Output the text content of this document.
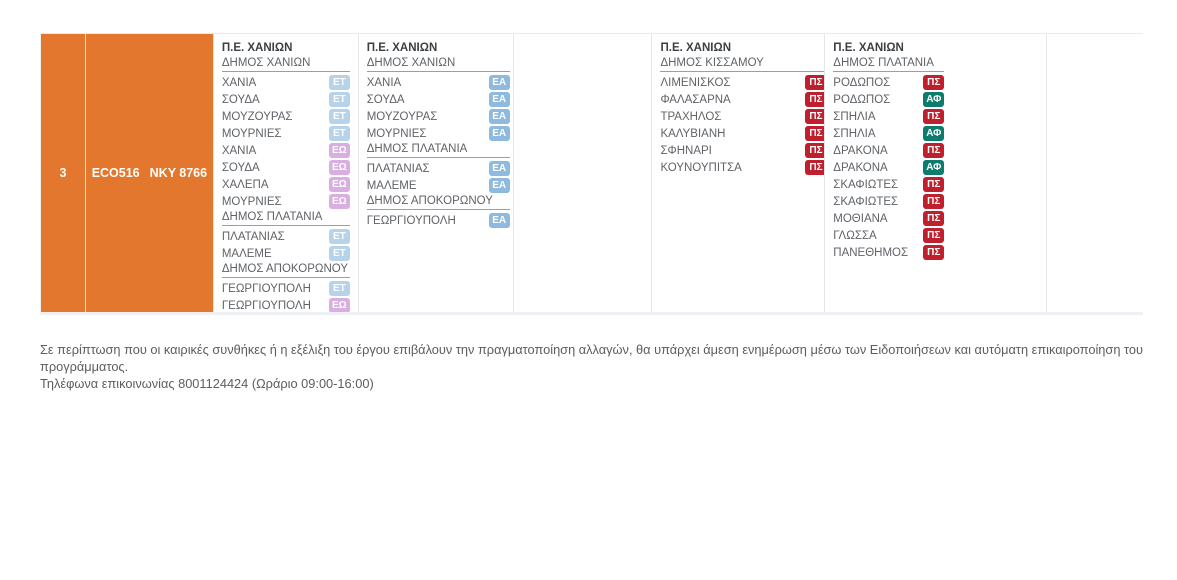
3 ECO516 NKY 8766
Π.Ε. ΧΑΝΙΩΝ
ΔΗΜΟΣ ΧΑΝΙΩΝ
ΧΑΝΙΑ	ΕΤ
ΣΟΥΔΑ	ΕΤ
ΜΟΥΖΟΥΡΑΣ	ΕΤ
ΜΟΥΡΝΙΕΣ	ΕΤ
ΧΑΝΙΑ	ΕΩ
ΣΟΥΔΑ	ΕΩ
ΧΑΛΕΠΑ	ΕΩ
ΜΟΥΡΝΙΕΣ	ΕΩ
ΔΗΜΟΣ ΠΛΑΤΑΝΙΑ
ΠΛΑΤΑΝΙΑΣ	ΕΤ
ΜΑΛΕΜΕ	ΕΤ
ΔΗΜΟΣ ΑΠΟΚΟΡΩΝΟΥ
ΓΕΩΡΓΙΟΥΠΟΛΗ	ΕΤ
ΓΕΩΡΓΙΟΥΠΟΛΗ	ΕΩ
Π.Ε. ΧΑΝΙΩΝ
ΔΗΜΟΣ ΧΑΝΙΩΝ
ΧΑΝΙΑ	ΕΑ
ΣΟΥΔΑ	ΕΑ
ΜΟΥΖΟΥΡΑΣ	ΕΑ
ΜΟΥΡΝΙΕΣ	ΕΑ
ΔΗΜΟΣ ΠΛΑΤΑΝΙΑ
ΠΛΑΤΑΝΙΑΣ	ΕΑ
ΜΑΛΕΜΕ	ΕΑ
ΔΗΜΟΣ ΑΠΟΚΟΡΩΝΟΥ
ΓΕΩΡΓΙΟΥΠΟΛΗ	ΕΑ
Π.Ε. ΧΑΝΙΩΝ
ΔΗΜΟΣ ΚΙΣΣΑΜΟΥ
ΛΙΜΕΝΙΣΚΟΣ	ΠΣ
ΦΑΛΑΣΑΡΝΑ	ΠΣ
ΤΡΑΧΗΛΟΣ	ΠΣ
ΚΑΛΥΒΙΑΝΗ	ΠΣ
ΣΦΗΝΑΡΙ	ΠΣ
ΚΟΥΝΟΥΠΙΤΣΑ	ΠΣ
Π.Ε. ΧΑΝΙΩΝ
ΔΗΜΟΣ ΠΛΑΤΑΝΙΑ
ΡΟΔΩΠΟΣ	ΠΣ
ΡΟΔΩΠΟΣ	ΑΦ
ΣΠΗΛΙΑ	ΠΣ
ΣΠΗΛΙΑ	ΑΦ
ΔΡΑΚΟΝΑ	ΠΣ
ΔΡΑΚΟΝΑ	ΑΦ
ΣΚΑΦΙΩΤΕΣ	ΠΣ
ΣΚΑΦΙΩΤΕΣ	ΠΣ
ΜΟΘΙΑΝΑ	ΠΣ
ΓΛΩΣΣΑ	ΠΣ
ΠΑΝΕΘΗΜΟΣ	ΠΣ
Σε περίπτωση που οι καιρικές συνθήκες ή η εξέλιξη του έργου επιβάλουν την πραγματοποίηση αλλαγών, θα υπάρχει άμεση ενημέρωση μέσω των Ειδοποιήσεων και αυτόματη επικαιροποίηση του προγράμματος.
Τηλέφωνα επικοινωνίας 8001124424 (Ωράριο 09:00-16:00)
